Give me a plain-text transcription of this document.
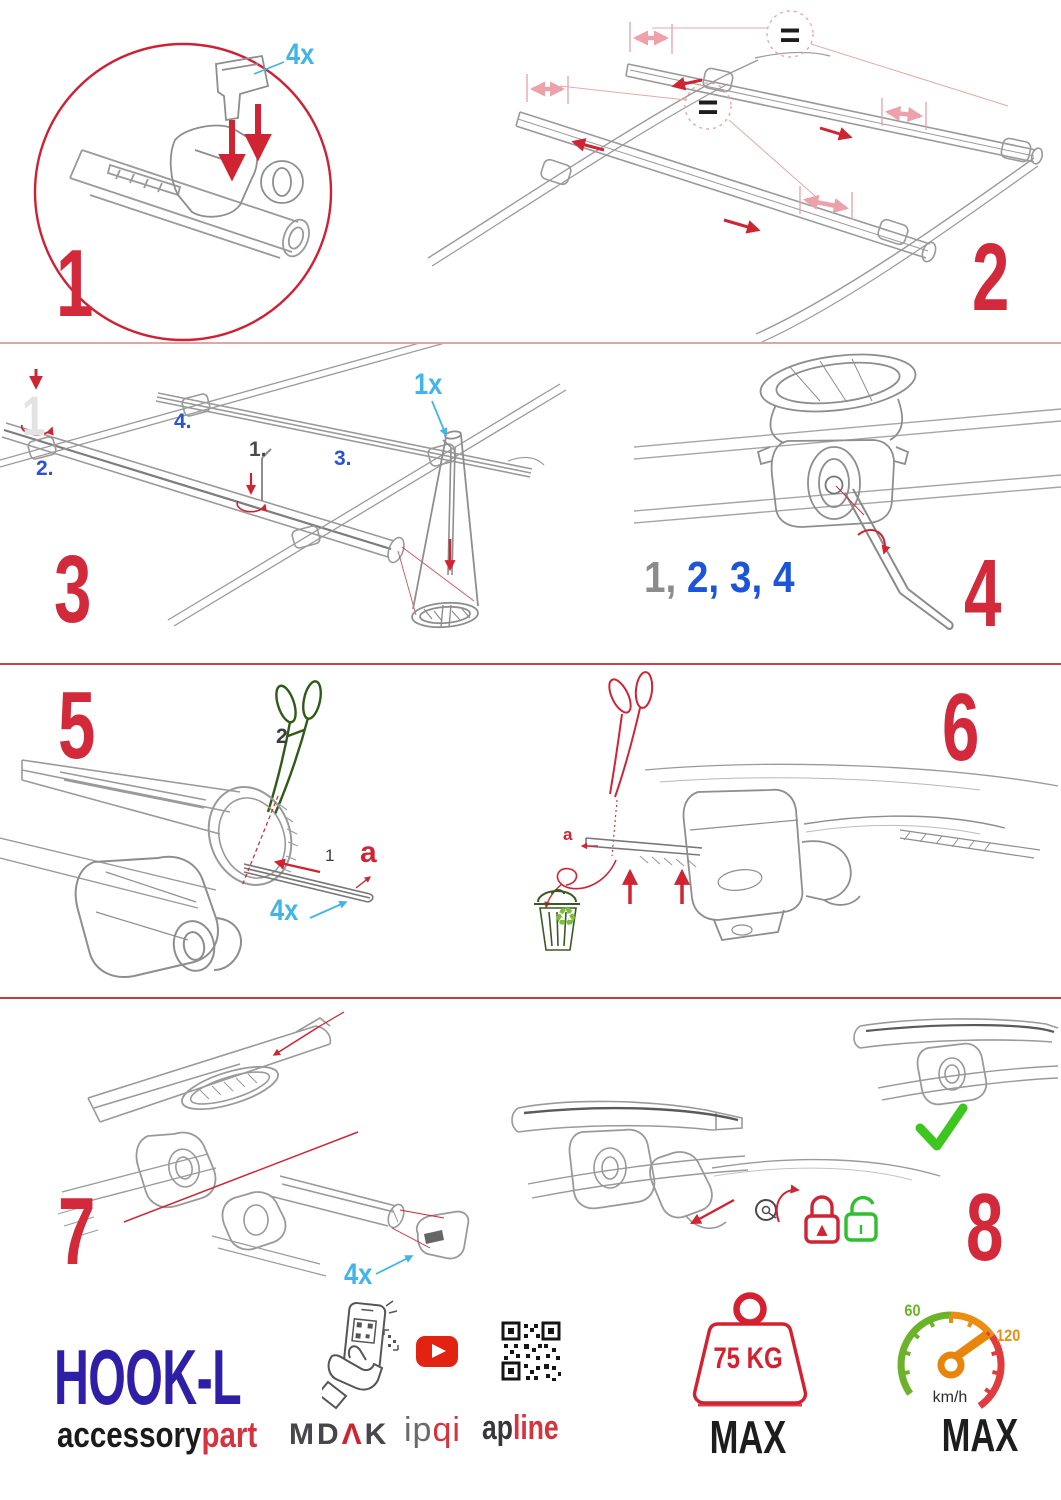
1
4x
2
=
=
3
1
2.
4.
1.	3.
1x
4
1, 2, 3, 4
5	2
1 a
4x
6
a
♻
7	4x	8
HOOK-L
accessorypart MDΛK ipqi apline
75 KG
MAX
60
120
km/h
MAX
